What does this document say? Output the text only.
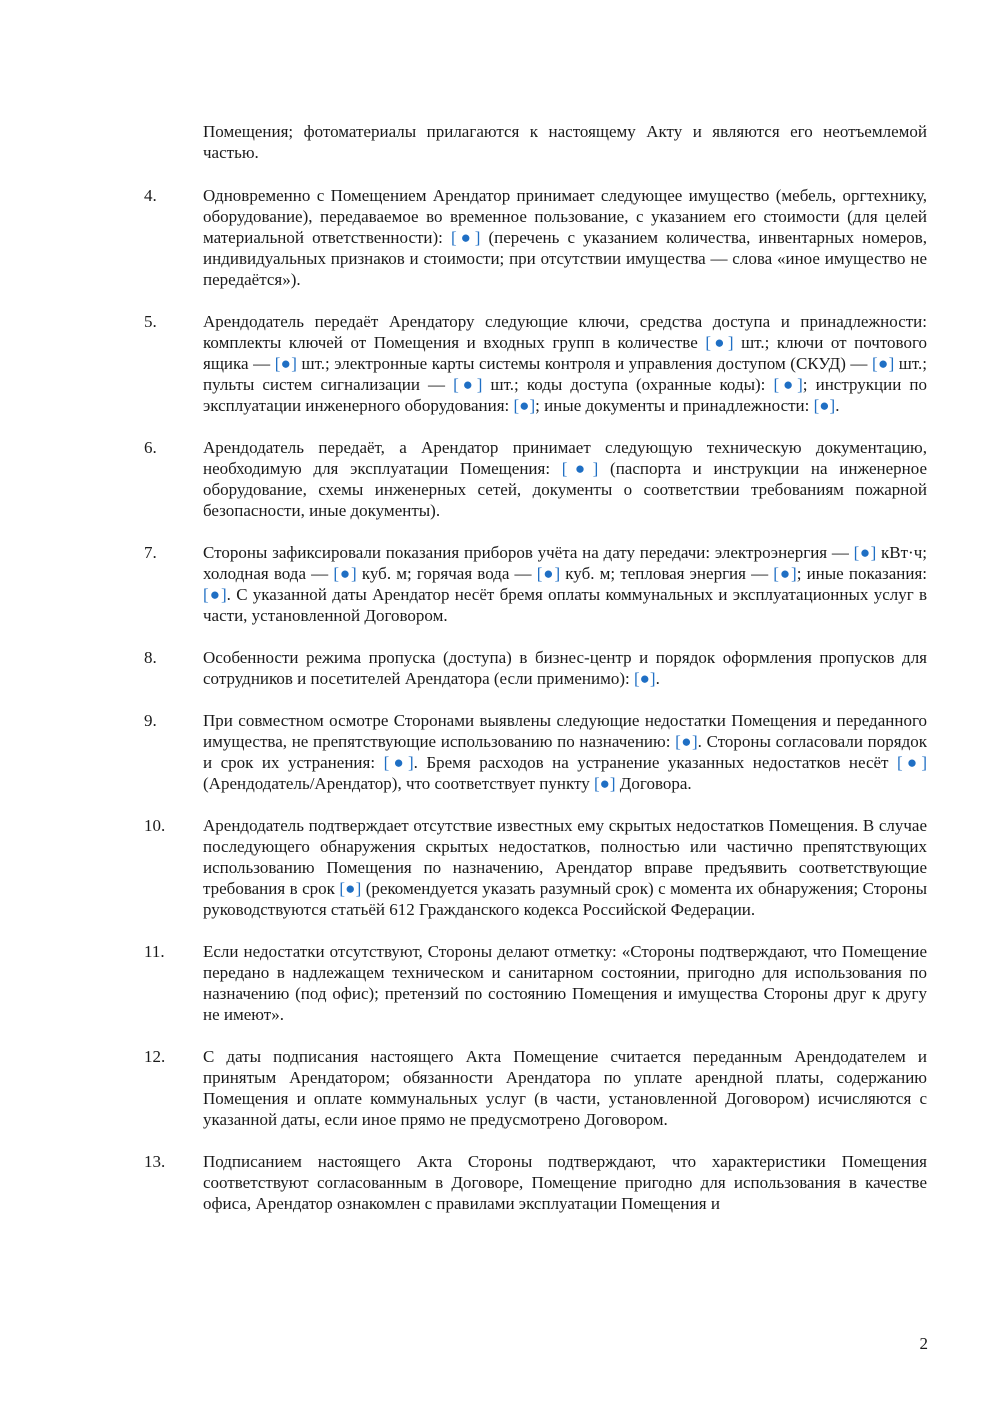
Помещения; фотоматериалы прилагаются к настоящему Акту и являются его неотъемлемой частью.
4.	Одновременно с Помещением Арендатор принимает следующее имущество (мебель, оргтехнику, оборудование), передаваемое во временное пользование, с указанием его стоимости (для целей материальной ответственности): [●] (перечень с указанием количества, инвентарных номеров, индивидуальных признаков и стоимости; при отсутствии имущества — слова «иное имущество не передаётся»).
5.	Арендодатель передаёт Арендатору следующие ключи, средства доступа и принадлежности: комплекты ключей от Помещения и входных групп в количестве [●] шт.; ключи от почтового ящика — [●] шт.; электронные карты системы контроля и управления доступом (СКУД) — [●] шт.; пульты систем сигнализации — [●] шт.; коды доступа (охранные коды): [●]; инструкции по эксплуатации инженерного оборудования: [●]; иные документы и принадлежности: [●].
6.	Арендодатель передаёт, а Арендатор принимает следующую техническую документацию, необходимую для эксплуатации Помещения: [●] (паспорта и инструкции на инженерное оборудование, схемы инженерных сетей, документы о соответствии требованиям пожарной безопасности, иные документы).
7.	Стороны зафиксировали показания приборов учёта на дату передачи: электроэнергия — [●] кВт·ч; холодная вода — [●] куб. м; горячая вода — [●] куб. м; тепловая энергия — [●]; иные показания: [●]. С указанной даты Арендатор несёт бремя оплаты коммунальных и эксплуатационных услуг в части, установленной Договором.
8.	Особенности режима пропуска (доступа) в бизнес-центр и порядок оформления пропусков для сотрудников и посетителей Арендатора (если применимо): [●].
9.	При совместном осмотре Сторонами выявлены следующие недостатки Помещения и переданного имущества, не препятствующие использованию по назначению: [●]. Стороны согласовали порядок и срок их устранения: [●]. Бремя расходов на устранение указанных недостатков несёт [●] (Арендодатель/Арендатор), что соответствует пункту [●] Договора.
10. Арендодатель подтверждает отсутствие известных ему скрытых недостатков Помещения. В случае последующего обнаружения скрытых недостатков, полностью или частично препятствующих использованию Помещения по назначению, Арендатор вправе предъявить соответствующие требования в срок [●] (рекомендуется указать разумный срок) с момента их обнаружения; Стороны руководствуются статьёй 612 Гражданского кодекса Российской Федерации.
11. Если недостатки отсутствуют, Стороны делают отметку: «Стороны подтверждают, что Помещение передано в надлежащем техническом и санитарном состоянии, пригодно для использования по назначению (под офис); претензий по состоянию Помещения и имущества Стороны друг к другу не имеют».
12. С даты подписания настоящего Акта Помещение считается переданным Арендодателем и принятым Арендатором; обязанности Арендатора по уплате арендной платы, содержанию Помещения и оплате коммунальных услуг (в части, установленной Договором) исчисляются с указанной даты, если иное прямо не предусмотрено Договором.
13. Подписанием настоящего Акта Стороны подтверждают, что характеристики Помещения соответствуют согласованным в Договоре, Помещение пригодно для использования в качестве офиса, Арендатор ознакомлен с правилами эксплуатации Помещения и
2
